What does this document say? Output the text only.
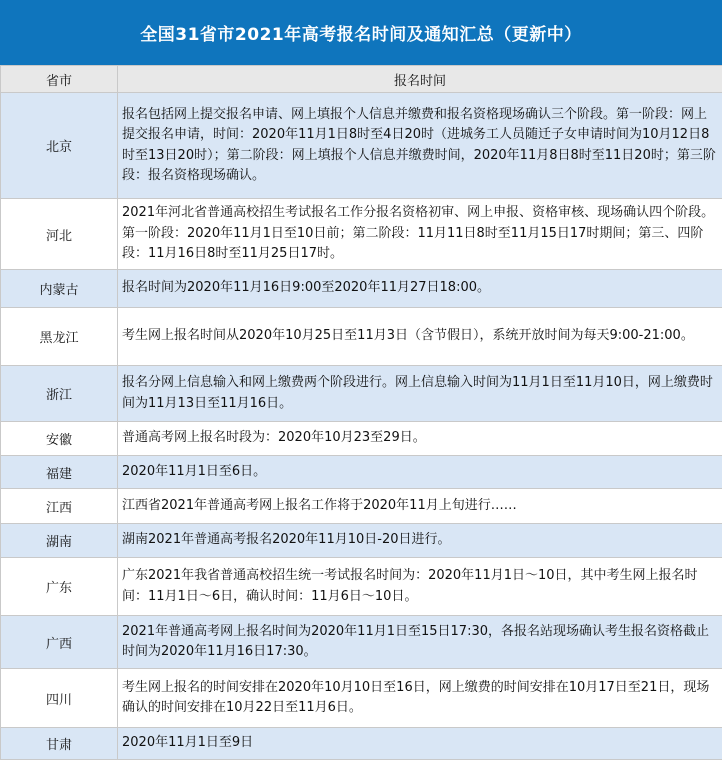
全国31省市2021年高考报名时间及通知汇总（更新中）
省市	报名时间
北京	报名包括网上提交报名申请、网上填报个人信息并缴费和报名资格现场确认三个阶段。第一阶段：网上提交报名申请，时间：2020年11月1日8时至4日20时（进城务工人员随迁子女申请时间为10月12日8时至13日20时）；第二阶段：网上填报个人信息并缴费时间，2020年11月8日8时至11日20时；第三阶段：报名资格现场确认。
河北	2021年河北省普通高校招生考试报名工作分报名资格初审、网上申报、资格审核、现场确认四个阶段。第一阶段：2020年11月1日至10日前；第二阶段：11月11日8时至11月15日17时期间；第三、四阶段：11月16日8时至11月25日17时。
内蒙古	报名时间为2020年11月16日9:00至2020年11月27日18:00。
黑龙江	考生网上报名时间从2020年10月25日至11月3日（含节假日），系统开放时间为每天9:00-21:00。
浙江	报名分网上信息输入和网上缴费两个阶段进行。网上信息输入时间为11月1日至11月10日，网上缴费时间为11月13日至11月16日。
安徽	普通高考网上报名时段为：2020年10月23至29日。
福建	2020年11月1日至6日。
江西	江西省2021年普通高考网上报名工作将于2020年11月上旬进行……
湖南	湖南2021年普通高考报名2020年11月10日-20日进行。
广东	广东2021年我省普通高校招生统一考试报名时间为：2020年11月1日～10日，其中考生网上报名时间：11月1日～6日，确认时间：11月6日～10日。
广西	2021年普通高考网上报名时间为2020年11月1日至15日17:30，各报名站现场确认考生报名资格截止时间为2020年11月16日17:30。
四川	考生网上报名的时间安排在2020年10月10日至16日，网上缴费的时间安排在10月17日至21日，现场确认的时间安排在10月22日至11月6日。
甘肃	2020年11月1日至9日
